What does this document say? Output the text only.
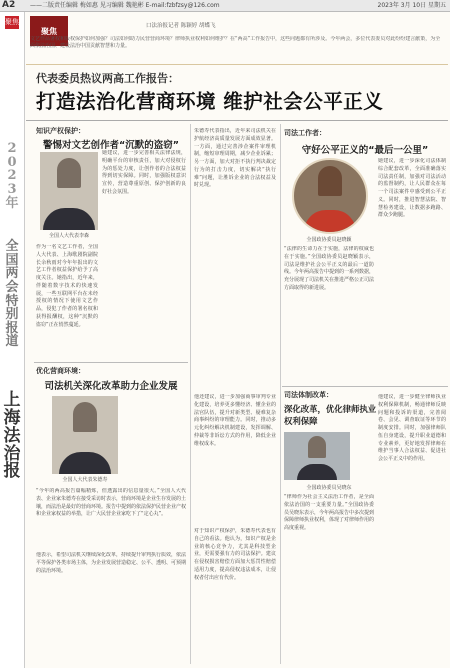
A2 ——二版责任编辑 梅如惠 见习编辑 魏艳彬 E-mail:fzbfzsy@126.com	2023年 3月 10日 星期五
聚焦
2
0
2
3
年
全
国
两
会
特
别
报
道
上
海
法
治
报
聚焦	口法治报记者 陈颖婷 胡蝶飞
文艺作品署权和版权保护如何加强？司法如何助力民营营商环境？律师执业权利如何维护？在“两高”工作报告中，这些问题都有所涉及。今年两会，多位代表委员对此纷纷建言献策，为全面依法治国、建设法治中国贡献智慧和力量。
代表委员热议两高工作报告：
打造法治化营商环境 维护社会公平正义
知识产权保护：
警惕对文艺创作者“沉默的盗窃”
全国人大代表李森
作为一名文艺工作者，全国人大代表、上海歌剧院副院长余秋雨对今年年报出的文艺工作者权益保护给予了高度关注。她指出，近年来，伴随着数字技术的快速发展，一些互联网平台在未经授权的情况下使用文艺作品，侵犯了作者的署名权和获得报酬权，这种“沉默的盗窃”正在悄然蔓延。
她建议，进一步完善相关法律法规，明确平台的审核责任，加大对侵权行为的惩处力度，让创作者的合法权益得到切实保障。同时，加强版权意识宣传，营造尊重原创、保护创新的良好社会氛围。
优化营商环境：
司法机关深化改革助力企业发展
全国人大代表朱德寿
“今年的两高报告篇幅精炼，但透露出的信息量很大。”全国人大代表、企业家朱德寿在接受采访时表示，营商环境是企业生存发展的土壤，而法治是最好的营商环境。报告中提到的依法保护民营企业产权和企业家权益的举措，让广大民营企业家吃下了“定心丸”。
他表示，希望司法机关继续深化改革，持续提升审判执行质效，依法平等保护各类市场主体，为企业发展营造稳定、公平、透明、可预期的法治环境。
朱德寿代表指出，近年来司法机关在护航经济高质量发展方面成效显著。一方面，通过完善涉企案件审理机制，缩短审理周期，减少企业诉累；另一方面，加大对拒不执行判决裁定行为的打击力度，切实解决“执行难”问题，让胜诉企业的合法权益及时兑现。
他还建议，进一步加强商事审判专业化建设，培养更多懂经济、懂企业的法官队伍，提升对新类型、疑难复杂商事纠纷的审理能力。同时，推动多元化纠纷解决机制建设，发挥调解、仲裁等非诉讼方式的作用，降低企业维权成本。
对于知识产权保护，朱德寿代表也有自己的看法。他认为，知识产权是企业的核心竞争力，尤其是科技型企业，更需要强有力的司法保护。建议在侵权损害赔偿方面加大惩罚性赔偿适用力度，提高侵权违法成本，让侵权者付出应有代价。
司法工作者：
守好公平正义的“最后一公里”
全国政协委员赵晓颖
“法律的生命力在于实施，法律的权威也在于实施。”全国政协委员赵晓颖表示，司法是维护社会公平正义的最后一道防线。今年两高报告中提到的一系列数据，充分展现了司法机关在推进严格公正司法方面取得的新进展。
她建议，进一步深化司法体制综合配套改革，全面准确落实司法责任制，加强对司法活动的监督制约，让人民群众在每一个司法案件中感受到公平正义。同时，推进智慧法院、智慧检务建设，让数据多跑路、群众少跑腿。
司法体制改革：
深化改革，优化律师执业权利保障
全国政协委员吴晓东
“律师作为社会主义法治工作者，是全面依法治国的一支重要力量。”全国政协委员吴晓东表示，今年两高报告中多次提到保障律师执业权利，体现了对律师作用的高度重视。
他建议，进一步健全律师执业权利保障机制，畅通律师反映问题和投诉的渠道，完善阅卷、会见、调查取证等环节的制度安排。同时，加强律师队伍自身建设，提升职业道德和专业素养，更好地发挥律师在维护当事人合法权益、促进社会公平正义中的作用。
